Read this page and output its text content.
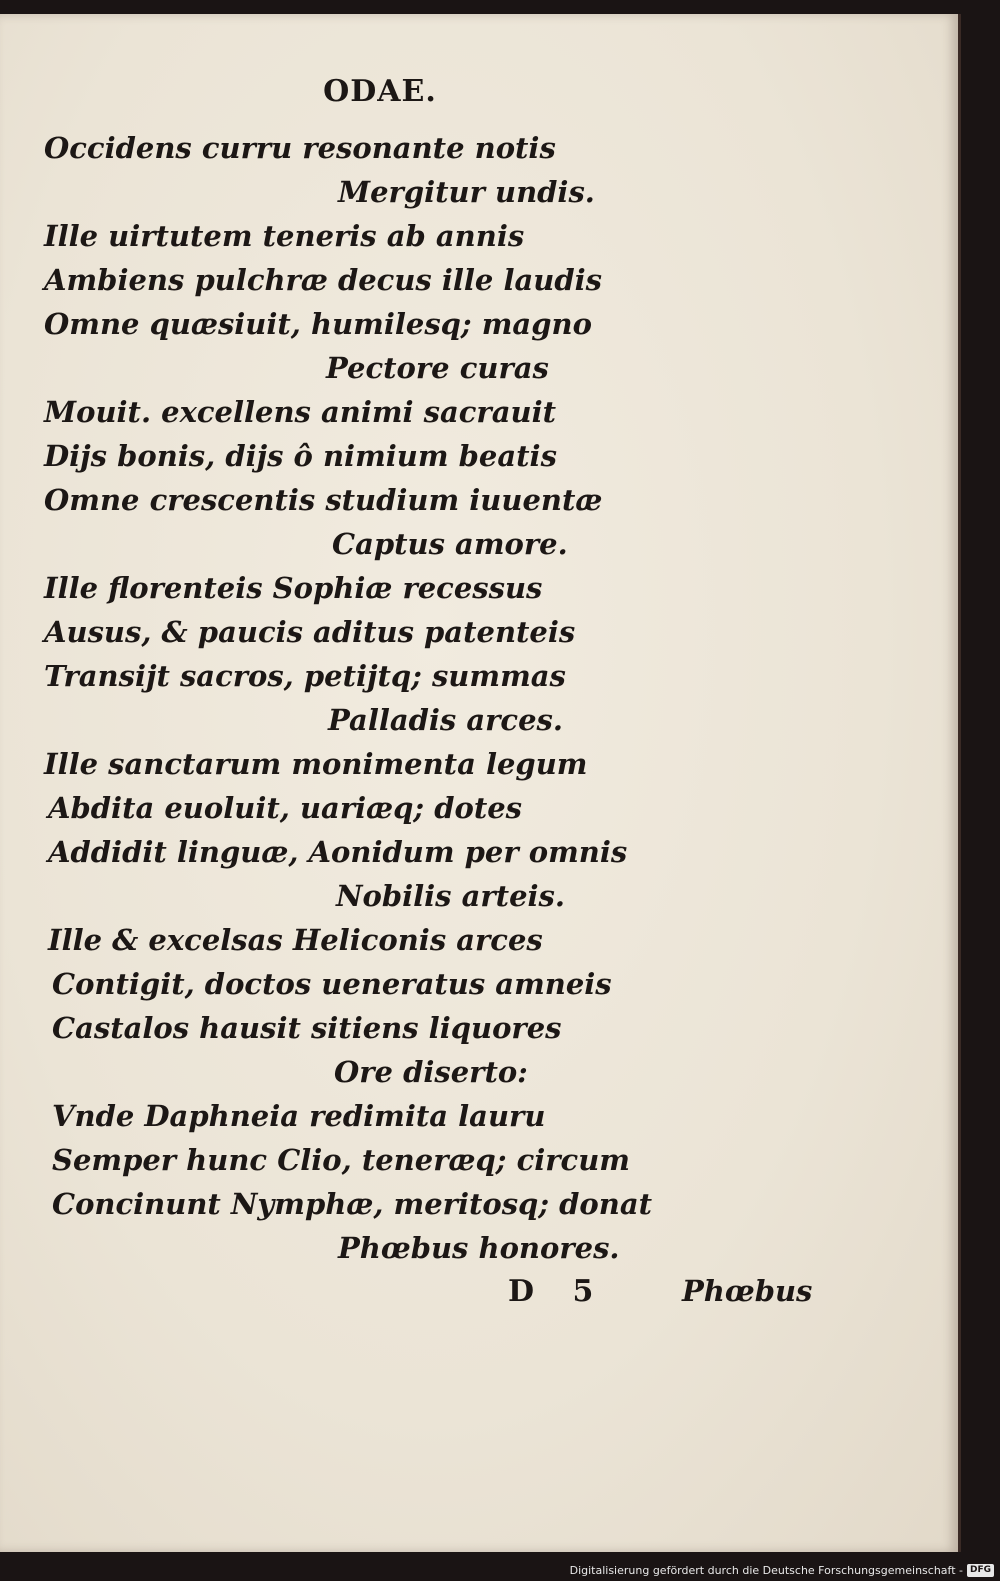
ODAE.
Occidens curru resonante notis
Mergitur undis.
Ille uirtutem teneris ab annis
Ambiens pulchræ decus ille laudis
Omne quæsiuit, humilesq; magno
Pectore curas
Mouit. excellens animi sacrauit
Dijs bonis, dijs ô nimium beatis
Omne crescentis studium iuuentæ
Captus amore.
Ille florenteis Sophiæ recessus
Ausus, & paucis aditus patenteis
Transijt sacros, petijtq; summas
Palladis arces.
Ille sanctarum monimenta legum
Abdita euoluit, uariæq; dotes
Addidit linguæ, Aonidum per omnis
Nobilis arteis.
Ille & excelsas Heliconis arces
Contigit, doctos ueneratus amneis
Castalos hausit sitiens liquores
Ore diserto:
Vnde Daphneia redimita lauru
Semper hunc Clio, teneræq; circum
Concinunt Nymphæ, meritosq; donat
Phœbus honores.
D 5	Phœbus
Digitalisierung gefördert durch die Deutsche Forschungsgemeinschaft - DFG
